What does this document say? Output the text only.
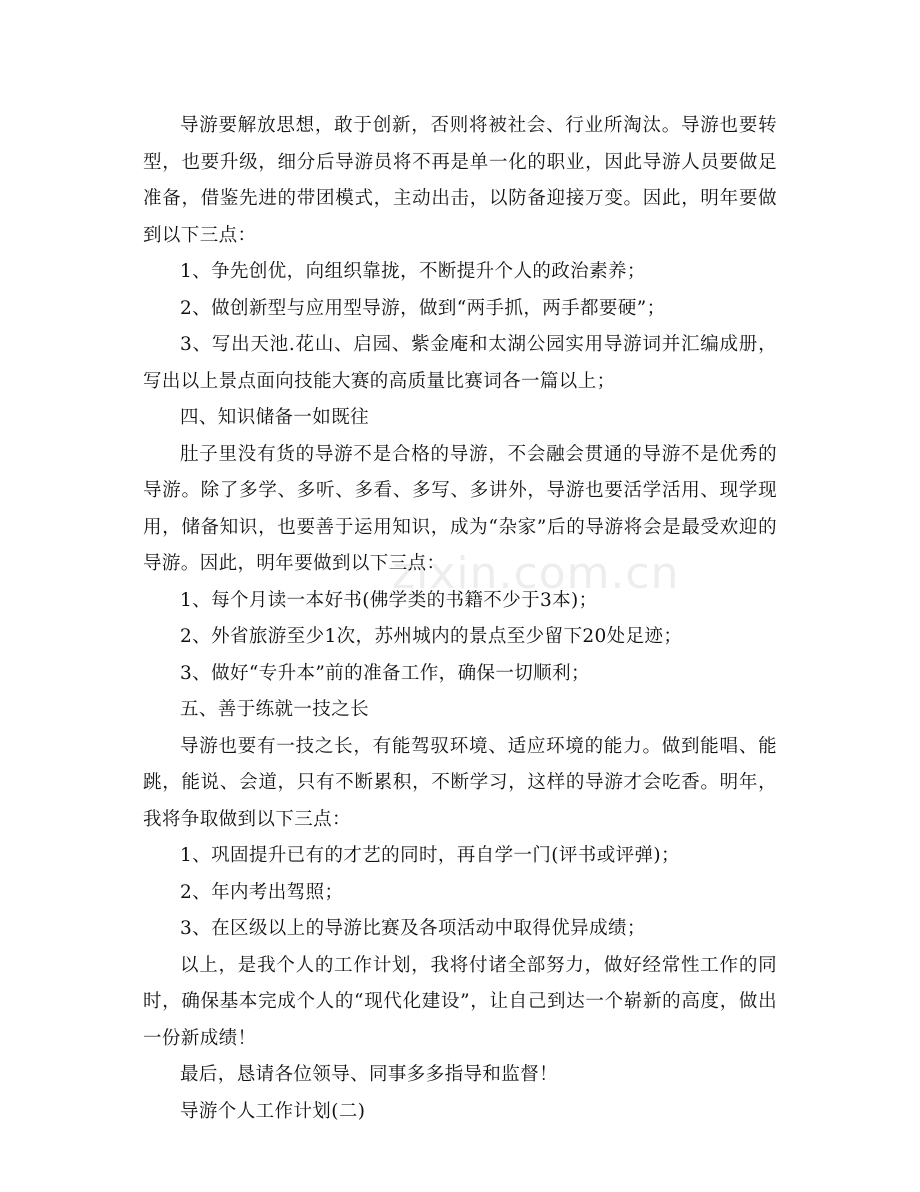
导游要解放思想，敢于创新，否则将被社会、行业所淘汰。导游也要转型，也要升级，细分后导游员将不再是单一化的职业，因此导游人员要做足准备，借鉴先进的带团模式，主动出击，以防备迎接万变。因此，明年要做到以下三点：

1、争先创优，向组织靠拢，不断提升个人的政治素养；

2、做创新型与应用型导游，做到“两手抓，两手都要硬”；

3、写出天池.花山、启园、紫金庵和太湖公园实用导游词并汇编成册，写出以上景点面向技能大赛的高质量比赛词各一篇以上；

四、知识储备一如既往

肚子里没有货的导游不是合格的导游，不会融会贯通的导游不是优秀的导游。除了多学、多听、多看、多写、多讲外，导游也要活学活用、现学现用，储备知识，也要善于运用知识，成为“杂家”后的导游将会是最受欢迎的导游。因此，明年要做到以下三点：

1、每个月读一本好书(佛学类的书籍不少于3本)；

2、外省旅游至少1次，苏州城内的景点至少留下20处足迹；

3、做好“专升本”前的准备工作，确保一切顺利；

五、善于练就一技之长

导游也要有一技之长，有能驾驭环境、适应环境的能力。做到能唱、能跳，能说、会道，只有不断累积，不断学习，这样的导游才会吃香。明年，我将争取做到以下三点：

1、巩固提升已有的才艺的同时，再自学一门(评书或评弹)；

2、年内考出驾照；

3、在区级以上的导游比赛及各项活动中取得优异成绩；

以上，是我个人的工作计划，我将付诸全部努力，做好经常性工作的同时，确保基本完成个人的“现代化建设”，让自己到达一个崭新的高度，做出一份新成绩！

最后，恳请各位领导、同事多多指导和监督！

导游个人工作计划(二)

zixin.com.cn
